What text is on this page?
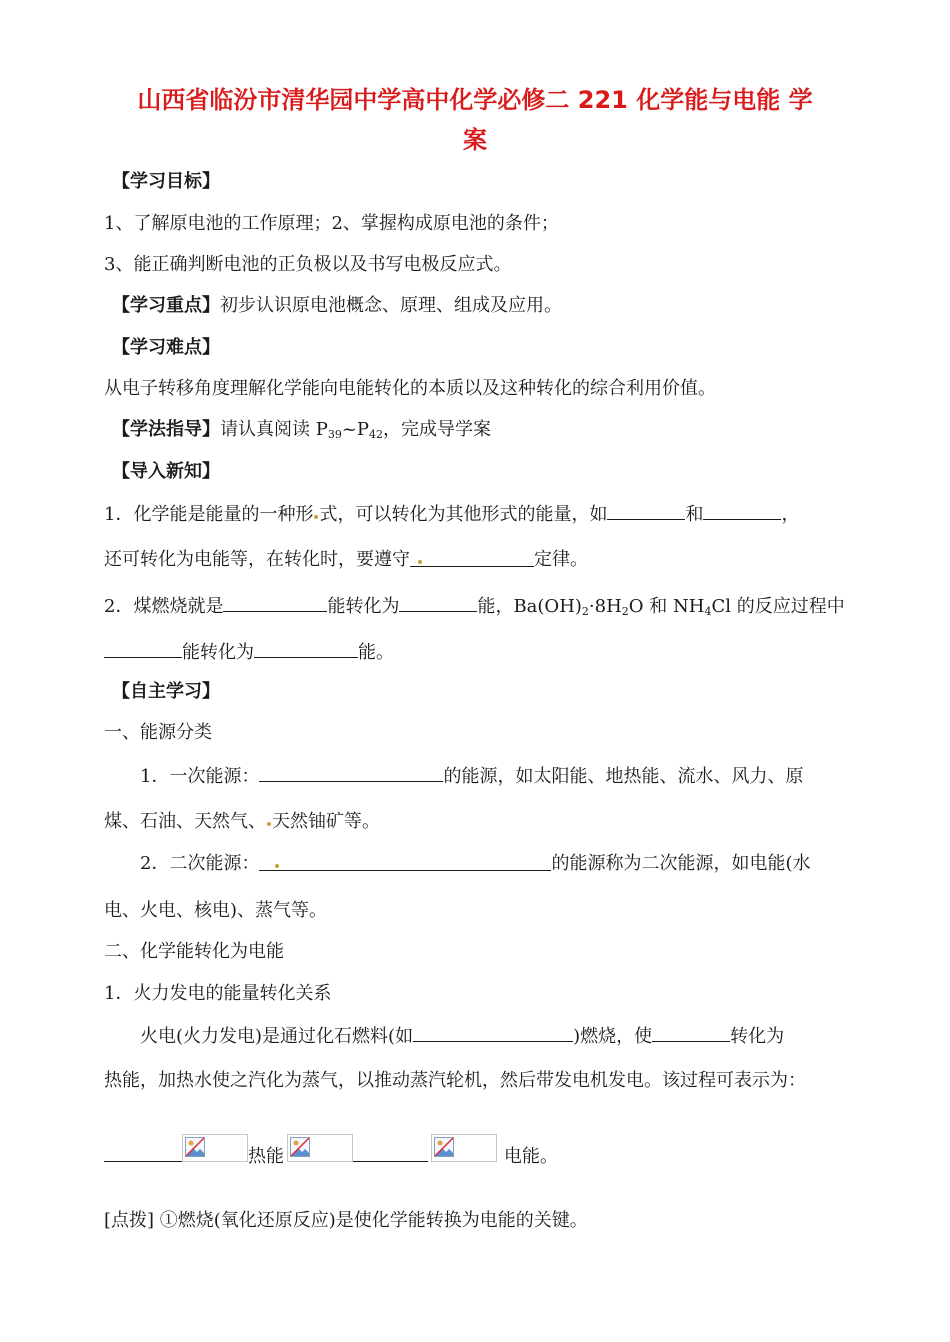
山西省临汾市清华园中学高中化学必修二 221 化学能与电能 学
案
【学习目标】
1、了解原电池的工作原理；2、掌握构成原电池的条件；
3、能正确判断电池的正负极以及书写电极反应式。
【学习重点】初步认识原电池概念、原理、组成及应用。
【学习难点】
从电子转移角度理解化学能向电能转化的本质以及这种转化的综合利用价值。
【学法指导】请认真阅读 $P_{39}\sim P_{42}$，完成导学案
【导入新知】
1．化学能是能量的一种形 式，可以转化为其他形式的能量，如	和	，
还可转化为电能等，在转化时，要遵守	定律。
2．煤燃烧就是	能转化为	能，$Ba(OH)_2\cdot 8H_2O$ 和 $NH_4Cl$ 的反应过程中
能转化为	能。
【自主学习】
一、能源分类
1．一次能源：	的能源，如太阳能、地热能、流水、风力、原
煤、石油、天然气、 天然铀矿等。
2．二次能源：	的能源称为二次能源，如电能(水
电、火电、核电)、蒸气等。
二、化学能转化为电能
1．火力发电的能量转化关系
火电(火力发电)是通过化石燃料(如	)燃烧，使	转化为
热能，加热水使之汽化为蒸气，以推动蒸汽轮机，然后带发电机发电。该过程可表示为：
热能	电能。
[点拨] ①燃烧(氧化还原反应)是使化学能转换为电能的关键。
